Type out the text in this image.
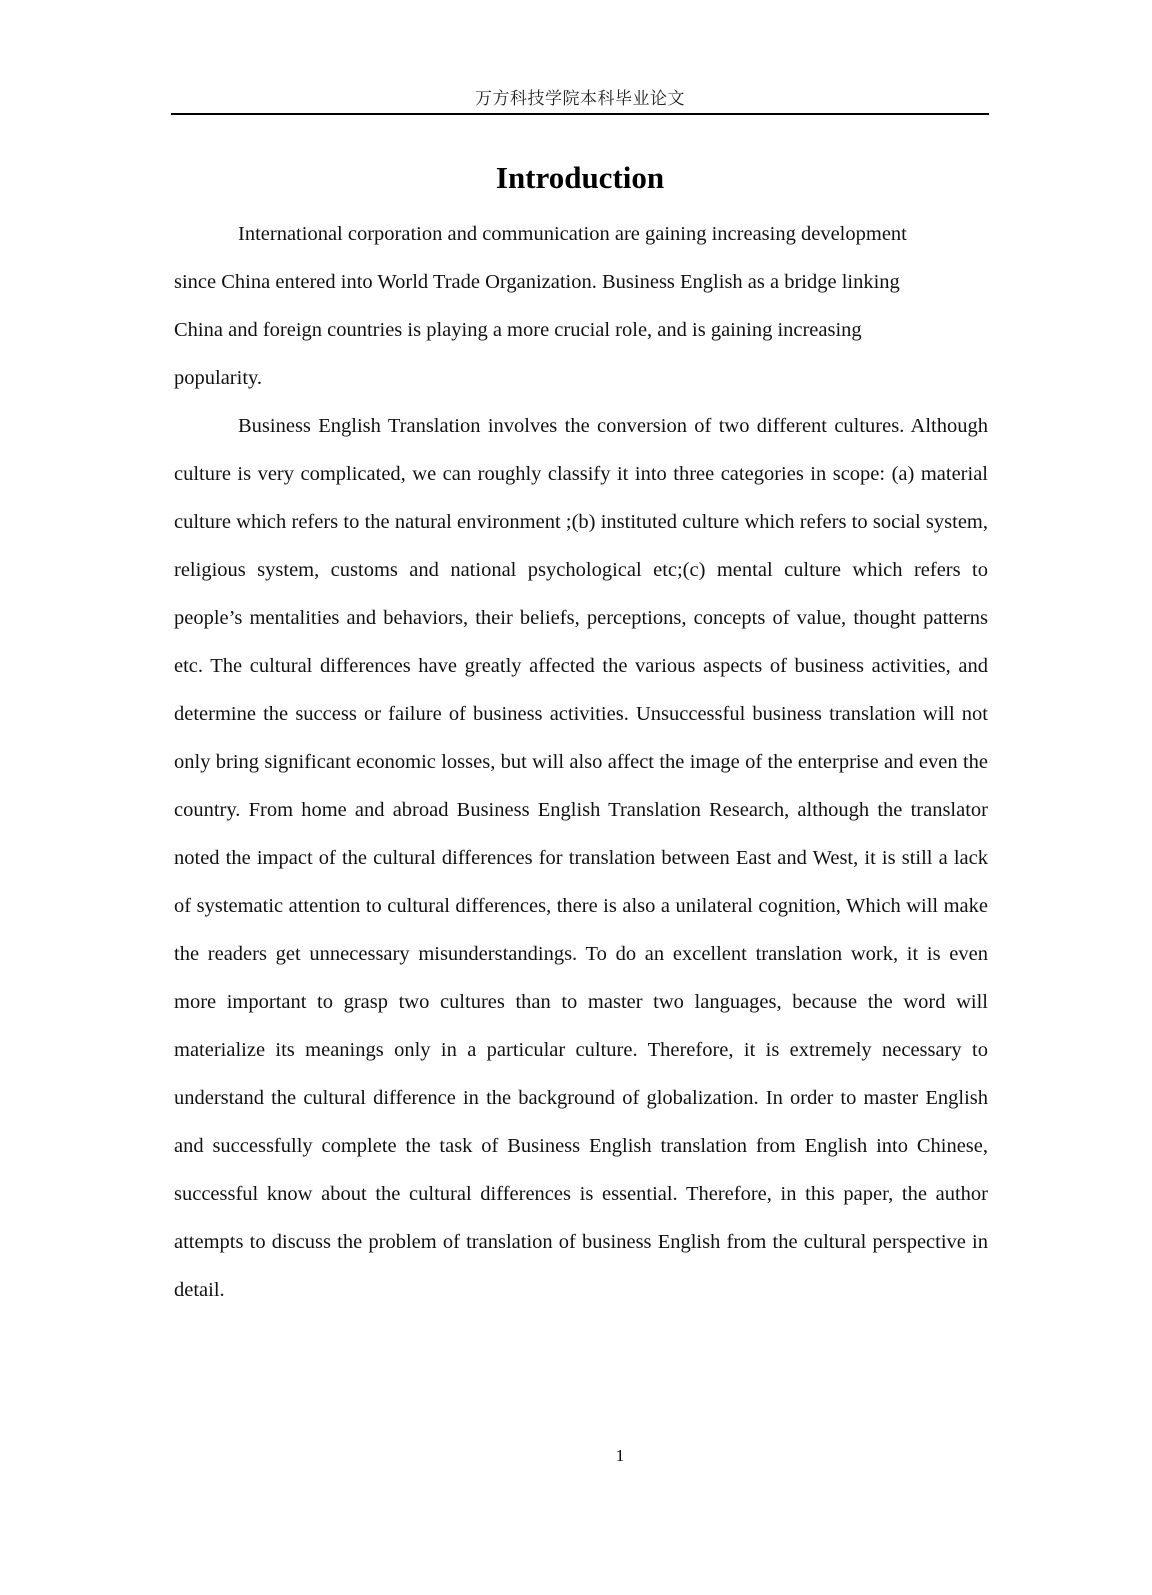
万方科技学院本科毕业论文
Introduction

International corporation and communication are gaining increasing development since China entered into World Trade Organization. Business English as a bridge linking China and foreign countries is playing a more crucial role, and is gaining increasing popularity.

Business English Translation involves the conversion of two different cultures. Although culture is very complicated, we can roughly classify it into three categories in scope: (a) material culture which refers to the natural environment ;(b) instituted culture which refers to social system, religious system, customs and national psychological etc;(c) mental culture which refers to people’s mentalities and behaviors, their beliefs, perceptions, concepts of value, thought patterns etc. The cultural differences have greatly affected the various aspects of business activities, and determine the success or failure of business activities. Unsuccessful business translation will not only bring significant economic losses, but will also affect the image of the enterprise and even the country. From home and abroad Business English Translation Research, although the translator noted the impact of the cultural differences for translation between East and West, it is still a lack of systematic attention to cultural differences, there is also a unilateral cognition, Which will make the readers get unnecessary misunderstandings. To do an excellent translation work, it is even more important to grasp two cultures than to master two languages, because the word will materialize its meanings only in a particular culture. Therefore, it is extremely necessary to understand the cultural difference in the background of globalization. In order to master English and successfully complete the task of Business English translation from English into Chinese, successful know about the cultural differences is essential. Therefore, in this paper, the author attempts to discuss the problem of translation of business English from the cultural perspective in detail.

1
